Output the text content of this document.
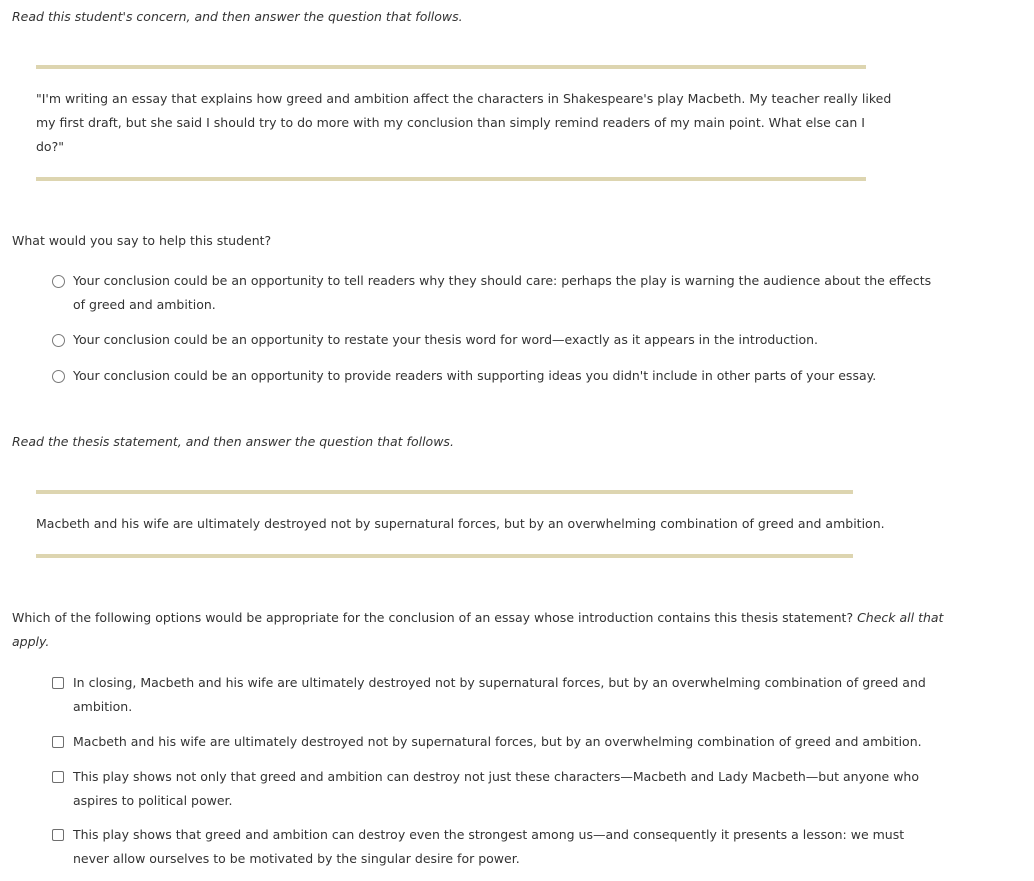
Read this student's concern, and then answer the question that follows.
"I'm writing an essay that explains how greed and ambition affect the characters in Shakespeare's play Macbeth. My teacher really liked
my first draft, but she said I should try to do more with my conclusion than simply remind readers of my main point. What else can I
do?"
What would you say to help this student?
Your conclusion could be an opportunity to tell readers why they should care: perhaps the play is warning the audience about the effects
of greed and ambition.
Your conclusion could be an opportunity to restate your thesis word for word—exactly as it appears in the introduction.
Your conclusion could be an opportunity to provide readers with supporting ideas you didn't include in other parts of your essay.
Read the thesis statement, and then answer the question that follows.
Macbeth and his wife are ultimately destroyed not by supernatural forces, but by an overwhelming combination of greed and ambition.
Which of the following options would be appropriate for the conclusion of an essay whose introduction contains this thesis statement? Check all that
apply.
In closing, Macbeth and his wife are ultimately destroyed not by supernatural forces, but by an overwhelming combination of greed and
ambition.
Macbeth and his wife are ultimately destroyed not by supernatural forces, but by an overwhelming combination of greed and ambition.
This play shows not only that greed and ambition can destroy not just these characters—Macbeth and Lady Macbeth—but anyone who
aspires to political power.
This play shows that greed and ambition can destroy even the strongest among us—and consequently it presents a lesson: we must
never allow ourselves to be motivated by the singular desire for power.
